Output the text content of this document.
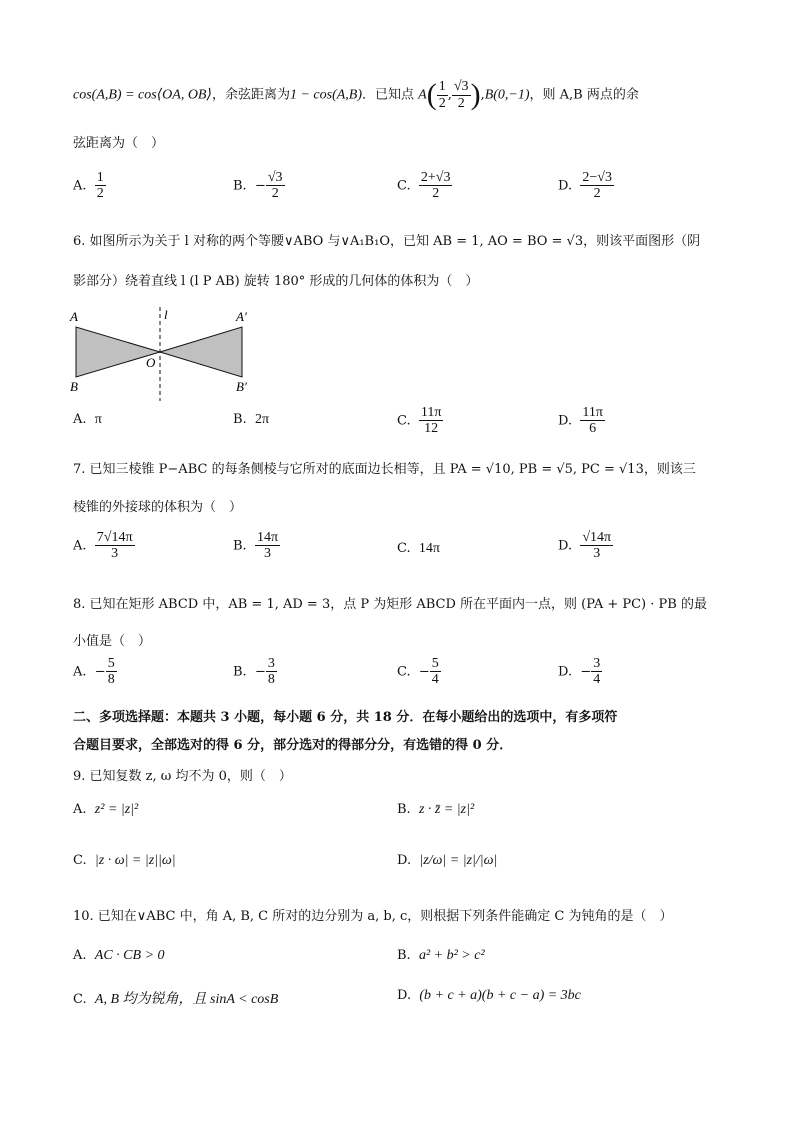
cos(A,B) = cos⟨OA, OB⟩，余弦距离为1 − cos(A,B)．已知点 $A( \frac{1}{2}$ , $\frac{√3}{2} ),B(0,-1)$，则 A,B 两点的余
弦距离为（　）
A. $\frac{1}{2}$	B. − $\frac{√3}{2}$	C. $\frac{2+√3}{2}$	D. $\frac{2-√3}{2}$
6. 如图所示为关于 l 对称的两个等腰∨ABO 与∨A₁B₁O，已知 AB = 1, AO = BO = √3，则该平面图形（阴
影部分）绕着直线 l (l P AB) 旋转 180° 形成的几何体的体积为（　）
A
B
O
l	A′
B′
A. π	B. 2π	C. $\frac{11\pi}{12}$	D. $\frac{11\pi}{6}$
7. 已知三棱锥 P−ABC 的每条侧棱与它所对的底面边长相等，且 PA = √10, PB = √5, PC = √13，则该三
棱锥的外接球的体积为（　）
A. $\frac{7√14\pi}{3}$	B. $\frac{14\pi}{3}$	C. 14π	D. $\frac{√14\pi}{3}$
8. 已知在矩形 ABCD 中，AB = 1, AD = 3，点 P 为矩形 ABCD 所在平面内一点，则 (PA + PC) · PB 的最
小值是（　）
A. − $\frac{5}{8}$	B. − $\frac{3}{8}$	C. − $\frac{5}{4}$	D. − $\frac{3}{4}$
二、多项选择题：本题共 3 小题，每小题 6 分，共 18 分．在每小题给出的选项中，有多项符
合题目要求，全部选对的得 6 分，部分选对的得部分分，有选错的得 0 分．
9. 已知复数 z, ω 均不为 0，则（　）
A. z² = |z|²	B. z · z̄ = |z|²
C. |z · ω| = |z||ω|	D. |z/ω| = |z|/|ω|
10. 已知在∨ABC 中，角 A, B, C 所对的边分别为 a, b, c，则根据下列条件能确定 C 为钝角的是（　）
A. AC · CB > 0	B. a² + b² > c²
C. A, B 均为锐角，且 sinA < cosB	D. (b + c + a)(b + c − a) = 3bc
